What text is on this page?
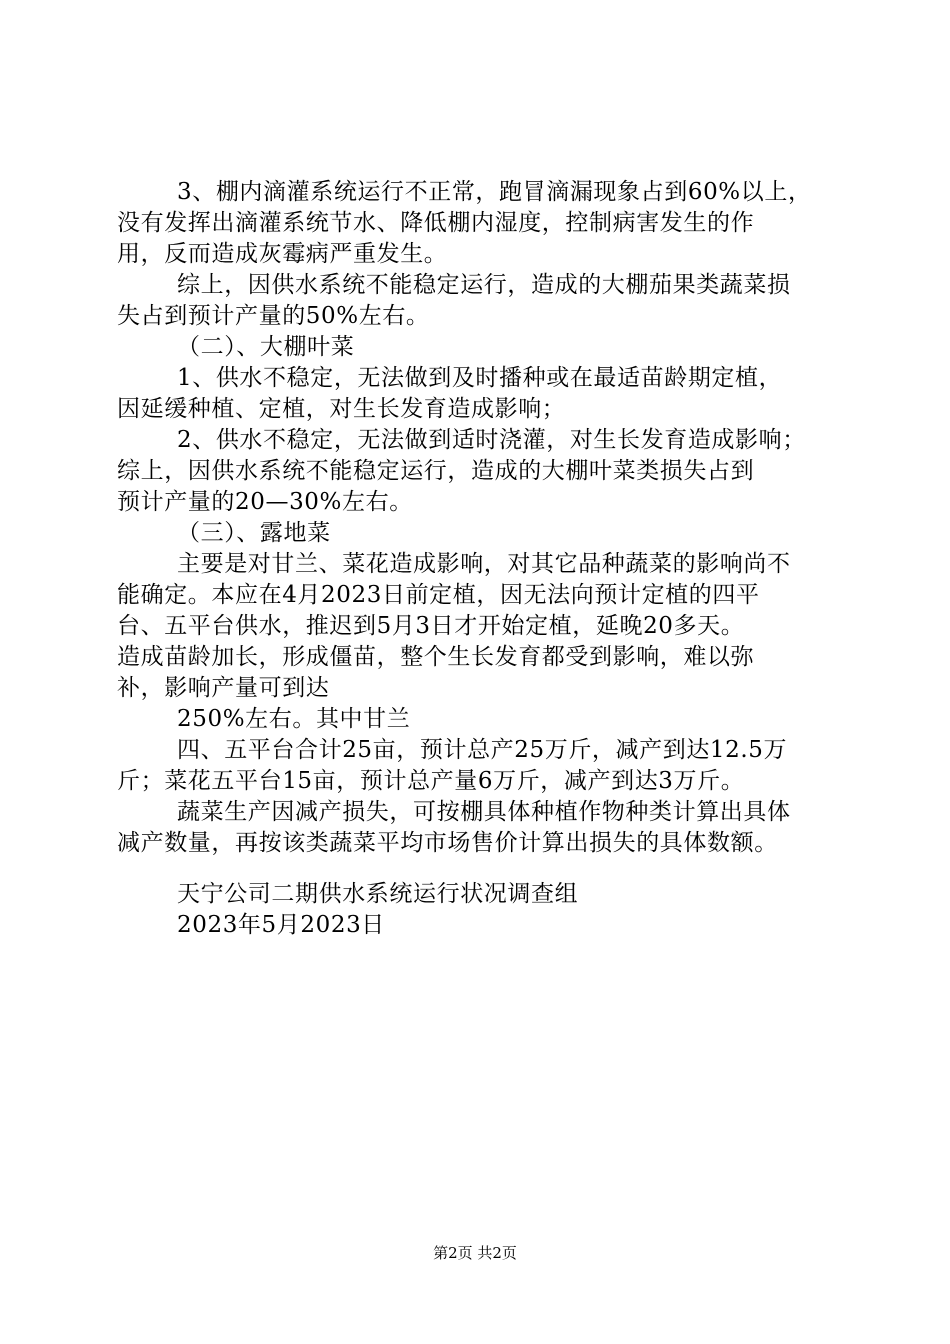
3、棚内滴灌系统运行不正常，跑冒滴漏现象占到60%以上，
没有发挥出滴灌系统节水、降低棚内湿度，控制病害发生的作
用，反而造成灰霉病严重发生。
综上，因供水系统不能稳定运行，造成的大棚茄果类蔬菜损
失占到预计产量的50%左右。
（二）、大棚叶菜
1、供水不稳定，无法做到及时播种或在最适苗龄期定植，
因延缓种植、定植，对生长发育造成影响；
2、供水不稳定，无法做到适时浇灌，对生长发育造成影响；
综上，因供水系统不能稳定运行，造成的大棚叶菜类损失占到
预计产量的20—30%左右。
（三）、露地菜
主要是对甘兰、菜花造成影响，对其它品种蔬菜的影响尚不
能确定。本应在4月2023日前定植，因无法向预计定植的四平
台、五平台供水，推迟到5月3日才开始定植，延晚20多天。
造成苗龄加长，形成僵苗，整个生长发育都受到影响，难以弥
补，影响产量可到达
250%左右。其中甘兰
四、五平台合计25亩，预计总产25万斤，减产到达12.5万
斤；菜花五平台15亩，预计总产量6万斤，减产到达3万斤。
蔬菜生产因减产损失，可按棚具体种植作物种类计算出具体
减产数量，再按该类蔬菜平均市场售价计算出损失的具体数额。
天宁公司二期供水系统运行状况调查组
2023年5月2023日
第2页 共2页
